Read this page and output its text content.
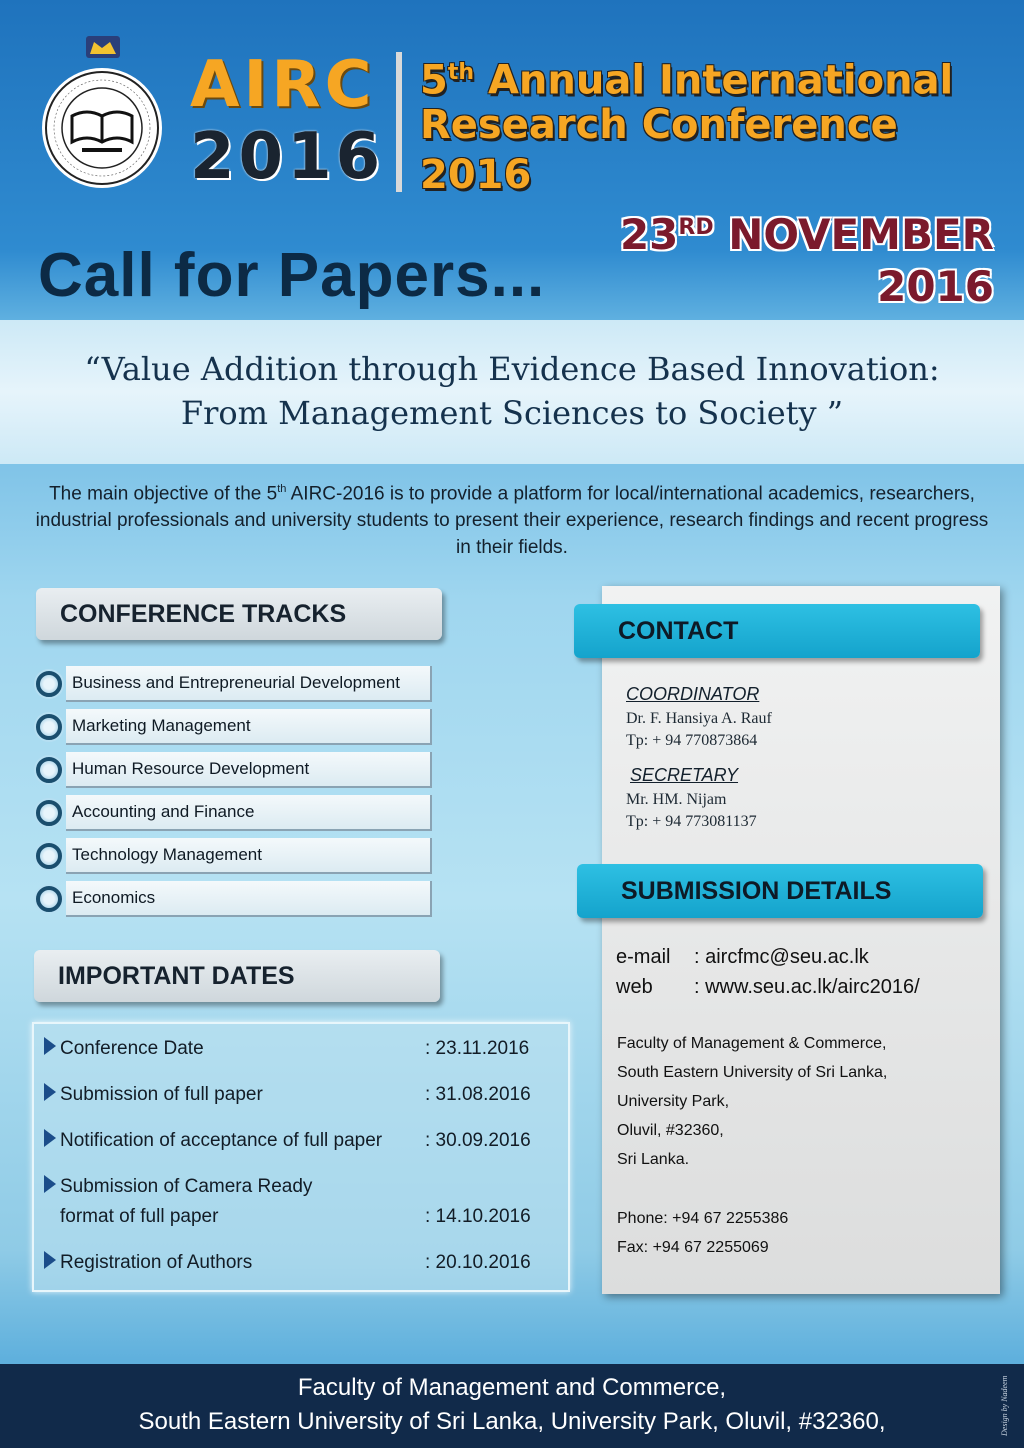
AIRC
2016
5th Annual International
Research Conference
2016
23RD NOVEMBER
2016
Call for Papers...
“Value Addition through Evidence Based Innovation:
From Management Sciences to Society ”
The main objective of the 5th AIRC-2016 is to provide a platform for local/international academics, researchers, industrial professionals and university students to present their experience, research findings and recent progress in their fields.
CONFERENCE TRACKS
Business and Entrepreneurial Development
Marketing Management
Human Resource Development
Accounting and Finance
Technology Management
Economics
IMPORTANT DATES
Conference Date	: 23.11.2016
Submission of full paper	: 31.08.2016
Notification of acceptance of full paper	: 30.09.2016
Submission of Camera Ready
format of full paper	: 14.10.2016
Registration of Authors	: 20.10.2016
CONTACT
COORDINATOR
Dr. F. Hansiya A. Rauf
Tp: + 94 770873864
SECRETARY
Mr. HM. Nijam
Tp: + 94 773081137
SUBMISSION DETAILS
e-mail : aircfmc@seu.ac.lk
web : www.seu.ac.lk/airc2016/
Faculty of Management & Commerce,
South Eastern University of Sri Lanka,
University Park,
Oluvil, #32360,
Sri Lanka.
Phone: +94 67 2255386
Fax: +94 67 2255069
Faculty of Management and Commerce,
South Eastern University of Sri Lanka, University Park, Oluvil, #32360,	Design by Nadeem
